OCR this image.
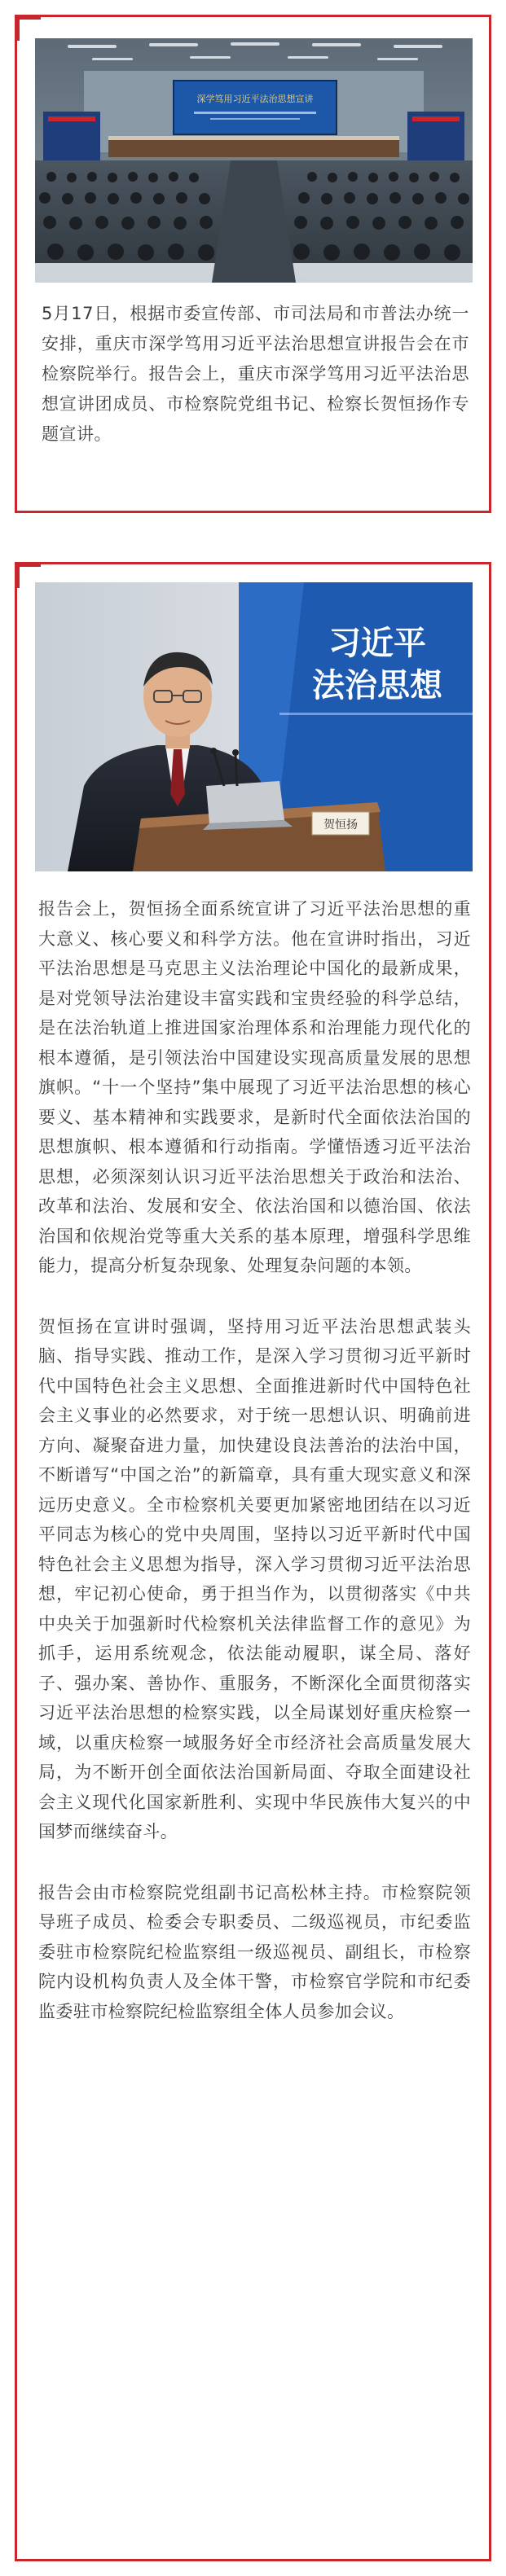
深学笃用习近平法治思想宣讲
5月17日，根据市委宣传部、市司法局和市普法办统一安排，重庆市深学笃用习近平法治思想宣讲报告会在市检察院举行。报告会上，重庆市深学笃用习近平法治思想宣讲团成员、市检察院党组书记、检察长贺恒扬作专题宣讲。
习近平
法治思想
贺恒扬

报告会上，贺恒扬全面系统宣讲了习近平法治思想的重大意义、核心要义和科学方法。他在宣讲时指出，习近平法治思想是马克思主义法治理论中国化的最新成果，是对党领导法治建设丰富实践和宝贵经验的科学总结，是在法治轨道上推进国家治理体系和治理能力现代化的根本遵循，是引领法治中国建设实现高质量发展的思想旗帜。“十一个坚持”集中展现了习近平法治思想的核心要义、基本精神和实践要求，是新时代全面依法治国的思想旗帜、根本遵循和行动指南。学懂悟透习近平法治思想，必须深刻认识习近平法治思想关于政治和法治、改革和法治、发展和安全、依法治国和以德治国、依法治国和依规治党等重大关系的基本原理，增强科学思维能力，提高分析复杂现象、处理复杂问题的本领。

贺恒扬在宣讲时强调，坚持用习近平法治思想武装头脑、指导实践、推动工作，是深入学习贯彻习近平新时代中国特色社会主义思想、全面推进新时代中国特色社会主义事业的必然要求，对于统一思想认识、明确前进方向、凝聚奋进力量，加快建设良法善治的法治中国，不断谱写“中国之治”的新篇章，具有重大现实意义和深远历史意义。全市检察机关要更加紧密地团结在以习近平同志为核心的党中央周围，坚持以习近平新时代中国特色社会主义思想为指导，深入学习贯彻习近平法治思想，牢记初心使命，勇于担当作为，以贯彻落实《中共中央关于加强新时代检察机关法律监督工作的意见》为抓手，运用系统观念，依法能动履职，谋全局、落好子、强办案、善协作、重服务，不断深化全面贯彻落实习近平法治思想的检察实践，以全局谋划好重庆检察一域，以重庆检察一域服务好全市经济社会高质量发展大局，为不断开创全面依法治国新局面、夺取全面建设社会主义现代化国家新胜利、实现中华民族伟大复兴的中国梦而继续奋斗。

报告会由市检察院党组副书记高松林主持。市检察院领导班子成员、检委会专职委员、二级巡视员，市纪委监委驻市检察院纪检监察组一级巡视员、副组长，市检察院内设机构负责人及全体干警，市检察官学院和市纪委监委驻市检察院纪检监察组全体人员参加会议。
